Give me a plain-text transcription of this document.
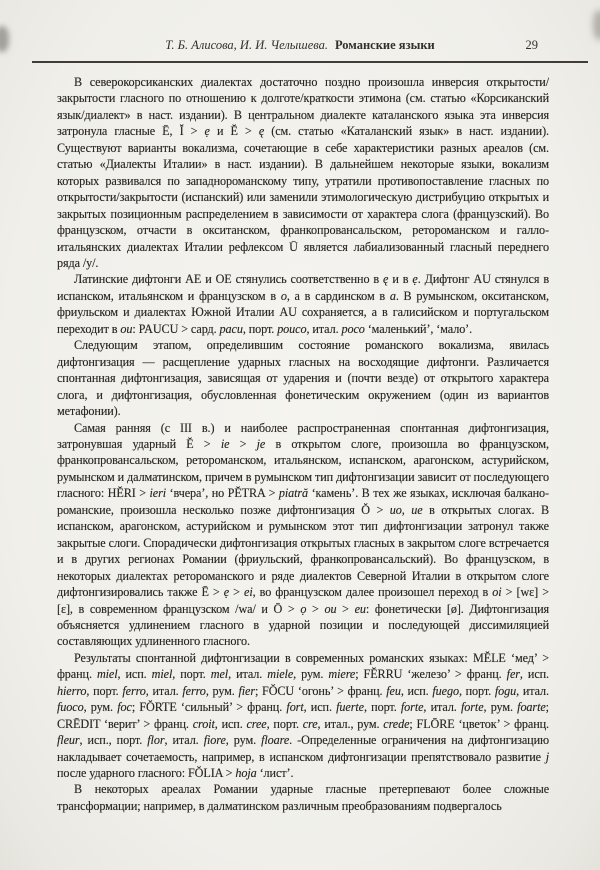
Т. Б. Алисова, И. И. Челышева. Романские языки	29

В северокорсиканских диалектах достаточно поздно произошла инверсия открытости/закрытости гласного по отношению к долготе/краткости этимона (см. статью «Корсиканский язык/диалект» в наст. издании). В центральном диалекте каталанского языка эта инверсия затронула гласные Ē, Ĭ > ẹ и Ĕ > ę (см. статью «Каталанский язык» в наст. издании). Существуют варианты вокализма, сочетающие в себе характеристики разных ареалов (см. статью «Диалекты Италии» в наст. издании). В дальнейшем некоторые языки, вокализм которых развивался по западнороманскому типу, утратили противопоставление гласных по открытости/закрытости (испанский) или заменили этимологическую дистрибуцию открытых и закрытых позиционным распределением в зависимости от характера слога (французский). Во французском, отчасти в окситанском, франкопровансальском, ретороманском и галло-итальянских диалектах Италии рефлексом Ū является лабиализованный гласный переднего ряда /y/.

Латинские дифтонги AE и OE стянулись соответственно в ę и в ẹ. Дифтонг AU стянулся в испанском, итальянском и французском в o, а в сардинском в a. В румынском, окситанском, фриульском и диалектах Южной Италии AU сохраняется, а в галисийском и португальском переходит в ou: PAUCU > сард. pacu, порт. pouco, итал. poco ‘маленький’, ‘мало’.

Следующим этапом, определившим состояние романского вокализма, явилась дифтонгизация — расщепление ударных гласных на восходящие дифтонги. Различается спонтанная дифтонгизация, зависящая от ударения и (почти везде) от открытого характера слога, и дифтонгизация, обусловленная фонетическим окружением (один из вариантов метафонии).

Самая ранняя (с III в.) и наиболее распространенная спонтанная дифтонгизация, затронувшая ударный Ĕ > ie > je в открытом слоге, произошла во французском, франкопровансальском, ретороманском, итальянском, испанском, арагонском, астурийском, румынском и далматинском, причем в румынском тип дифтонгизации зависит от последующего гласного: HĔRI > ieri ‘вчера’, но PĔTRA > piatră ‘камень’. В тех же языках, исключая балкано-романские, произошла несколько позже дифтонгизация Ŏ > uo, ue в открытых слогах. В испанском, арагонском, астурийском и румынском этот тип дифтонгизации затронул также закрытые слоги. Спорадически дифтонгизация открытых гласных в закрытом слоге встречается и в других регионах Романии (фриульский, франкопровансальский). Во французском, в некоторых диалектах ретороманского и ряде диалектов Северной Италии в открытом слоге дифтонгизировались также Ē > ẹ > ei, во французском далее произошел переход в oi > [wɛ] > [ɛ], в современном французском /wa/ и Ō > ọ > ou > eu: фонетически [ø]. Дифтонгизация объясняется удлинением гласного в ударной позиции и последующей диссимиляцией составляющих удлиненного гласного.

Результаты спонтанной дифтонгизации в современных романских языках: MĔLE ‘мед’ > франц. miel, исп. miel, порт. mel, итал. miele, рум. miere; FĔRRU ‘железо’ > франц. fer, исп. hierro, порт. ferro, итал. ferro, рум. fier; FŎCU ‘огонь’ > франц. feu, исп. fuego, порт. fogu, итал. fuoco, рум. foc; FŎRTE ‘сильный’ > франц. fort, исп. fuerte, порт. forte, итал. forte, рум. foarte; CRĒDIT ‘верит’ > франц. croit, исп. cree, порт. cre, итал., рум. crede; FLŌRE ‘цветок’ > франц. fleur, исп., порт. flor, итал. fiore, рум. floare. -Определенные ограничения на дифтонгизацию накладывает сочетаемость, например, в испанском дифтонгизации препятствовало развитие j после ударного гласного: FŎLIA > hoja ‘лист’.

В некоторых ареалах Романии ударные гласные претерпевают более сложные трансформации; например, в далматинском различным преобразованиям подвергалось
